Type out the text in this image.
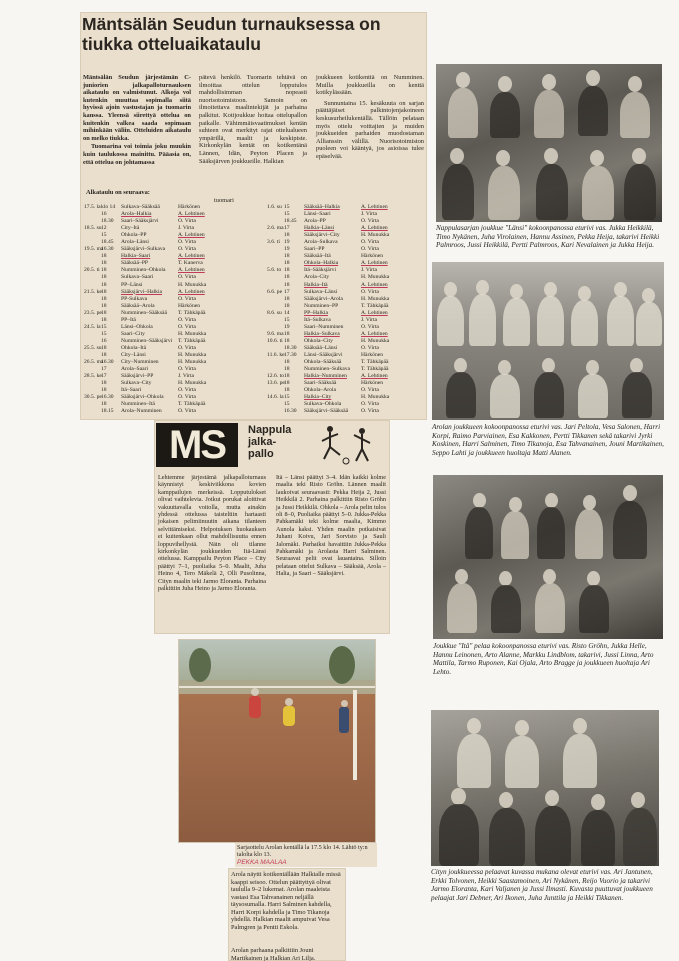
Mäntsälän Seudun turnauksessa on tiukka otteluaikataulu
Mäntsälän Seudun järjestämän C-juniorien jalkapalloturnauksen aikataulu on valmistunut. Alkoja vol kutenkin muuttaa sopimalla siitä hyvissä ajoin vastustajan ja tuomarin kanssa. Yleensä siirettyä otteluа on kuitenkin valkea saada sopimaan mihinkään väliin. Otteluiden aikataulu on melko tiukka.
Tuomarina voi toimia joku muukin kuin taulukossa mainittu. Pääasia on, että ottelua on johtamassa
pätevä henkilö. Tuomarin tehtävä on ilmoittaa ottelun lopputulos mahdollisimman nopeasti nuorisotoimistoon. Samoin on ilmoitettava maalintekijät ja parhaina palkitut. Kotijoukkue hoitaa ottelupallon paikalle. Vähimmäisvaatimukset kentän suhteen ovat merkityt rajat ottelualueen ympärillä, maalit ja keskipiste. Kirkonkylän kentät on kotikentänä Lännen, Idän, Peyton Placen ja Sääksjärven joukkueille. Halkian
joukkueen kotikenttä on Numminen. Muilla joukkueilla on kenttä kotikylässään.
Sunnuntaina 15. kesäkuuta on sarjan päättäjäiset palkintojenjakoineen keskusurheilukentällä. Tällöin pelataan myös ottelu voittajien ja muiden joukkueiden parhaiden muodostaman Allianssin välillä. Nuorisotoimiston puoleen voi kääntyä, jos asioissa tulee epäselvää.
Alkataulu on seuraava:
tuomari
17.5. la klo 14	Sulkava–Sääksää	Härkönen
16	Arola–Halkia	A. Lehtinen
18.30	Saari–Sääksjärvi	O. Virta
18.5. su 12	City–Itä	J. Virta
15	Ohkola–PP	A. Lehtinen
18.45	Arola–Länsi	O. Virta
19.5. ma
16.30	Sääksjärvi–Sulkava	O. Virta
18	Halkia–Saari	A. Lehtinen
18	Sääksää–PP	T. Kanerva
20.5. ti 18	Numminen–Ohkola	A. Lehtinen
18	Sulkava–Saari	O. Virta
18	PP–Länsi	H. Munukka
21.5. ke 18	Sääksjärvi–Halkia	A. Lehtinen
18	PP-Sulkava	O. Virta
18	Sääksää–Arola	Härkönen
23.5. pe 18	Numminen–Sääksää	T. Tähkäpää
18	PP–Itä	O. Virta
24.5. la 15	Länsi–Ohkola	O. Virta
15	Saari–City	H. Munukka
16	Numminen–Sääksjärvi	T. Tähkäpää
25.5. su 18	Ohkola–Itä	O. Virta
18	City–Länsi	H. Munukka
26.5. ma
16.30	City–Numminen	H. Munukka
17	Arola–Saari	O. Virta
28.5. ke 17	Sääksjärvi–PP	J. Virta
18	Sulkava–City	H. Munukka
18	Itä–Saari	O. Virta
30.5. pe 16.30	Sääksjärvi–Ohkola	O. Virta
18	Numminen–Itä	T. Tähkäpää
18.15	Arola–Numminen	O. Virta
1.6. su 15	Sääksää–Halkia	A. Lehtinen
15	Länsi–Saari	J. Virta
18.45	Arola–PP	O. Virta
2.6. ma 17	Halkia–Länsi	A. Lehtinen
18	Sääksjärvi–City	H. Munukka
3.6. ti 19	Arola–Sulkava	O. Virta
19	Saari–PP	O. Virta
18	Sääksää–Itä	Härkönen
18	Ohkola–Halkia	A. Lehtinen
5.6. to 18	Itä–Sääksjärvi	J. Virta
18	Arola–City	H. Munukka
18	Halkia–Itä	A. Lehtinen
6.6. pe 17	Sulkava–Länsi	O. Virta
18	Sääksjärvi–Arola	H. Munukka
18	Numminen–PP	T. Tähkäpää
8.6. su 14	PP–Halkia	A. Lehtinen
15	Itä–Sulkava	J. Virta
19	Saari–Numminen	O. Virta
9.6. ma 18	Halkia–Sulkava	A. Lehtinen
10.6. ti 18	Ohkola–City	H. Munukka
18.30	Sääksää–Länsi	O. Virta
11.6. ke 17.30	Länsi–Sääksjärvi	Härkönen
18	Ohkola–Sääksää	T. Tähkäpää
18	Numminen–Sulkava	T. Tähkäpää
12.6. to 18	Halkia–Numminen	A. Lehtinen
13.6. pe 18	Saari–Sääksää	Härkönen
18	Ohkola–Arola	O. Virta
14.6. la 15	Halkia–City	H. Munukka
15	Sulkava–Ohkola	O. Virta
16.30	Sääksjärvi–Sääksää	O. Virta
Nappulasarjan joukkue "Länsi" kokoonpanossa eturivi vas. Jukka Heikkilä, Timo Nykänen, Juha Virolainen, Hannu Assinen, Pekka Heija, takarivi Heikki Palmroos, Jussi Heikkilä, Pertti Palmroos, Kari Nevalainen ja Jukka Heija.
Arolan joukkueen kokoonpanossa eturivi vas. Jari Peltola, Vesa Salonen, Harri Korpi, Raimo Parviainen, Esa Kakkonen, Pertti Tikkanen sekä takarivi Jyrki Koskinen, Harri Salminen, Timo Tikanoja, Esa Tahvanainen, Jouni Martikainen, Seppo Lahti ja joukkueen huoltaja Matti Alanen.
MS	Nappula
jalka-
pallo
Lehtemme järjestämä jalkapalloturnaus käynnistyi keskiviikkona kovien kamppailujen merkeissä. Lopputulokset olivat vaihtelevia. Jotkut porukat aloittivat vakuuttavalla voitolla, mutta ainakin yhdessä ottelussa taisteltiin hartaasti jokaisen pelimiinuutin aikana tilanteen selvittämiseksi. Helpotuksen huokauksen ei kuitenkaan ollut mahdollisuutta ennen loppuvihellystä. Näin oli tilanne kirkonkylän joukkueiden Itä-Länsi ottelussa. Kamppailu Peyton Place – City päättyi 7–1, puoliaika 5–0. Maalit, Juha Heino 4, Tero Mäkelä 2, Olli Pusolinna, Cityn maalin teki Jarmo Eloranta. Parhaina palkittiin Juha Heino ja Jarmo Eloranta.
Itä – Länsi päättyi 3–4. Idän kaikki kolme maalia teki Risto Gröhn. Lännen maalit laukoivat seuraavasti: Pekka Heija 2, Jussi Heikkilä 2. Parhaina palkittiin Risto Gröhn ja Jussi Heikkilä. Ohkola – Arola pelin tulos oli 8–0, Puoliaika päättyi 5–0. Jukka-Pekka Pahkamäki teki kolme maalia, Kimmo Aunola kaksi. Yhden maalin potkaisivat Juhani Koivu, Jari Sorvisto ja Sauli Jalomäki. Parhaiksi havaittiin Jukka-Pekka Pahkamäki ja Arolasta Harri Salminen. Seuraavat pelit ovat lauantaina. Silloin pelataan ottelut Sulkava – Sääksää, Arola – Halia, ja Saari – Sääksjärvi.
Joukkue "Itä" pelaa kokoonpanossa eturivi vas. Risto Gröhn, Jukka Helle, Hannu Leinonen, Arto Alanne, Markku Lindblom, takarivi, Jussi Linna, Arto Mattila, Tarmo Ruponen, Kai Ojala, Arto Bragge ja joukkueen huoltaja Ari Lehto.
Sarjaottelu Arolan kentällä la 17.5 klo 14. Lähtö ty:n talolta klo 13.
PEKKA MAALAA
Cityn joukkueessa pelaavat kuvassa mukana olevat eturivi vas. Ari Jantunen, Erkki Tolvonen, Heikki Saastamoinen, Ari Nykänen, Reijo Vuorio ja takarivi Jarmo Eloranta, Kari Valjanen ja Jussi Ilmasti. Kuvasta puuttuvat joukkueen pelaajat Jari Debner, Ari Ikonen, Juha Junttila ja Heikki Tikkanen.
Arola näytti kotikentällään Halkialle missä kaappi seisoo. Ottelun päättyttyä olivat taululla 9–2 lukemat. Arolan maaleista vastasi Esa Tahvanainen neljällä täysosumalla. Harri Salminen kahdella, Harri Korpi kahdella ja Timo Tikanoja yhdellä. Halkian maalit ampuivat Vesa Palmgren ja Pentti Eskola.
Arolan parhaana palkittiin Jouni Martikainen ja Halkian Ari Lilja.
